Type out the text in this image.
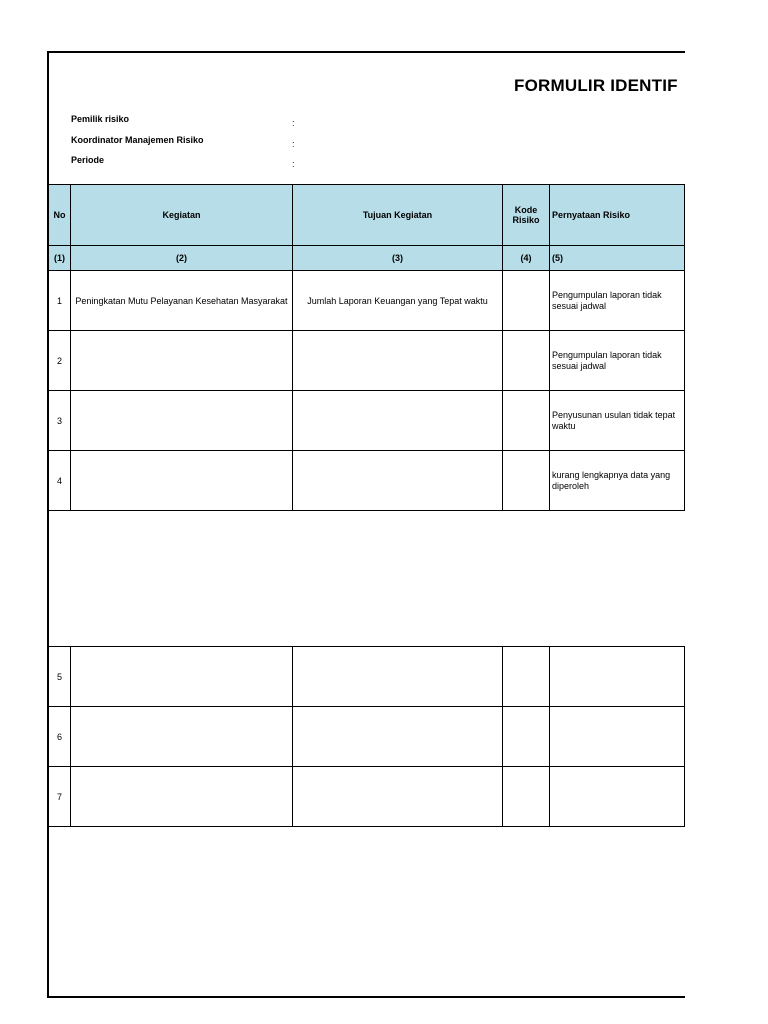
FORMULIR IDENTIF
Pemilik risiko	:
Koordinator Manajemen Risiko	:
Periode	:
No	Kegiatan	Tujuan Kegiatan	Kode Risiko	Pernyataan Risiko
(1)	(2)	(3)	(4)	(5)
1	Peningkatan Mutu Pelayanan Kesehatan Masyarakat	Jumlah Laporan Keuangan yang Tepat waktu		Pengumpulan laporan tidak sesuai jadwal
2				Pengumpulan laporan tidak sesuai jadwal
3				Penyusunan usulan tidak tepat waktu
4				kurang lengkapnya data yang diperoleh
5				
6				
7				
